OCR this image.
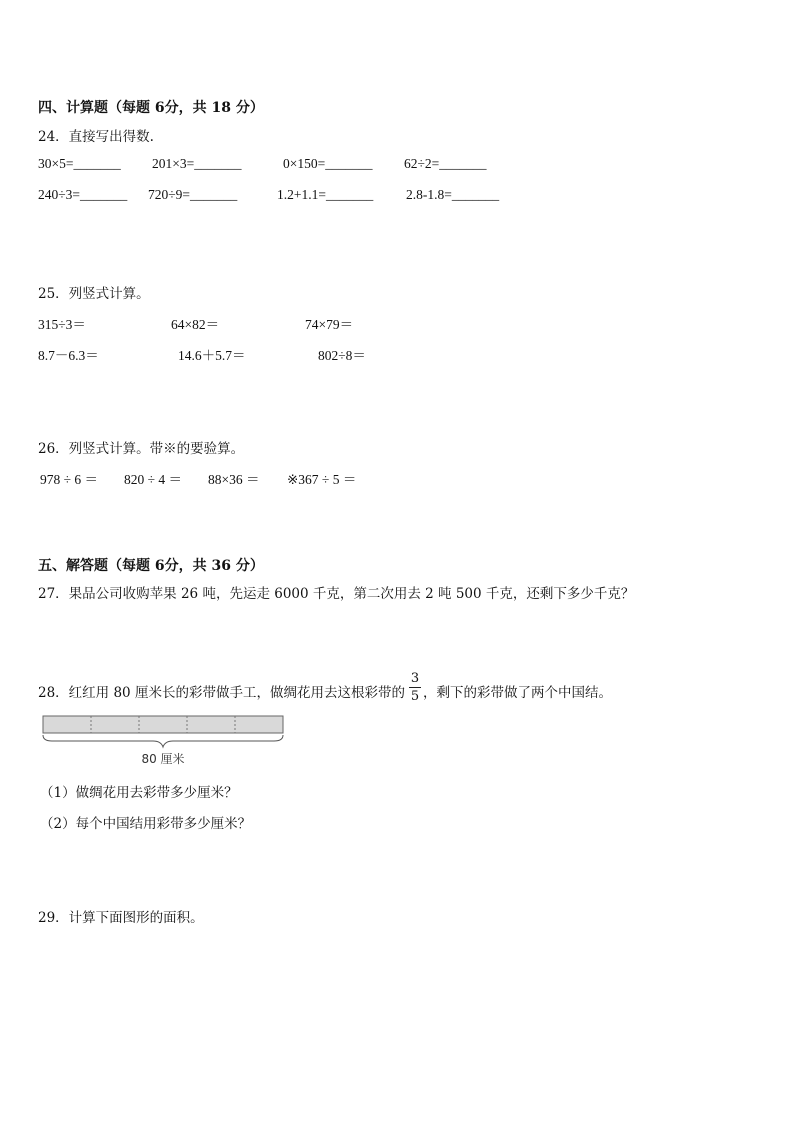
四、计算题（每题 6分，共 18 分）
24．直接写出得数.
30×5=_______ 201×3=_______	0×150=_______ 62÷2=_______
240÷3=_______ 720÷9=_______	1.2+1.1=_______ 2.8-1.8=_______
25．列竖式计算。
315÷3＝	64×82＝	74×79＝
8.7－6.3＝	14.6＋5.7＝	802÷8＝
26．列竖式计算。带※的要验算。
978 ÷ 6 ＝ 820 ÷ 4 ＝ 88×36 ＝ ※367 ÷ 5 ＝
五、解答题（每题 6分，共 36 分）
27．果品公司收购苹果 26 吨，先运走 6000 千克，第二次用去 2 吨 500 千克，还剩下多少千克？
28．红红用 80 厘米长的彩带做手工，做绸花用去这根彩带的 $\frac{3}{5}$ ，剩下的彩带做了两个中国结。
80 厘米
（1）做绸花用去彩带多少厘米？
（2）每个中国结用彩带多少厘米？
29．计算下面图形的面积。
